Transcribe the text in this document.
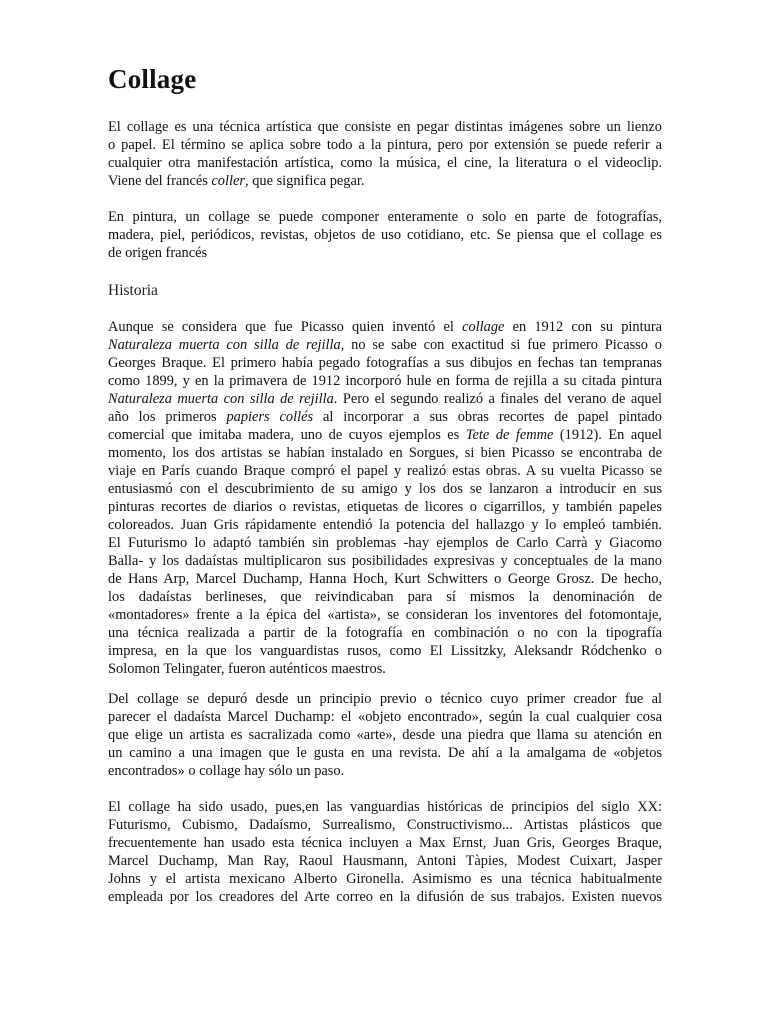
Collage
El collage es una técnica artística que consiste en pegar distintas imágenes sobre un lienzo
o papel. El término se aplica sobre todo a la pintura, pero por extensión se puede referir a
cualquier otra manifestación artística, como la música, el cine, la literatura o el videoclip.
Viene del francés coller, que significa pegar.
En pintura, un collage se puede componer enteramente o solo en parte de fotografías,
madera, piel, periódicos, revistas, objetos de uso cotidiano, etc. Se piensa que el collage es
de origen francés
Historia
Aunque se considera que fue Picasso quien inventó el collage en 1912 con su pintura
Naturaleza muerta con silla de rejilla, no se sabe con exactitud si fue primero Picasso o
Georges Braque. El primero había pegado fotografías a sus dibujos en fechas tan tempranas
como 1899, y en la primavera de 1912 incorporó hule en forma de rejilla a su citada pintura
Naturaleza muerta con silla de rejilla. Pero el segundo realizó a finales del verano de aquel
año los primeros papiers collés al incorporar a sus obras recortes de papel pintado
comercial que imitaba madera, uno de cuyos ejemplos es Tete de femme (1912). En aquel
momento, los dos artistas se habían instalado en Sorgues, si bien Picasso se encontraba de
viaje en París cuando Braque compró el papel y realizó estas obras. A su vuelta Picasso se
entusiasmó con el descubrimiento de su amigo y los dos se lanzaron a introducir en sus
pinturas recortes de diarios o revistas, etiquetas de licores o cigarrillos, y también papeles
coloreados. Juan Gris rápidamente entendió la potencia del hallazgo y lo empleó también.
El Futurismo lo adaptó también sin problemas -hay ejemplos de Carlo Carrà y Giacomo
Balla- y los dadaístas multiplicaron sus posibilidades expresivas y conceptuales de la mano
de Hans Arp, Marcel Duchamp, Hanna Hoch, Kurt Schwitters o George Grosz. De hecho,
los dadaístas berlineses, que reivindicaban para sí mismos la denominación de
«montadores» frente a la épica del «artista», se consideran los inventores del fotomontaje,
una técnica realizada a partir de la fotografía en combinación o no con la tipografía
impresa, en la que los vanguardistas rusos, como El Lissitzky, Aleksandr Ródchenko o
Solomon Telingater, fueron auténticos maestros.
Del collage se depuró desde un principio previo o técnico cuyo primer creador fue al
parecer el dadaísta Marcel Duchamp: el «objeto encontrado», según la cual cualquier cosa
que elige un artista es sacralizada como «arte», desde una piedra que llama su atención en
un camino a una imagen que le gusta en una revista. De ahí a la amalgama de «objetos
encontrados» o collage hay sólo un paso.
El collage ha sido usado, pues,en las vanguardias históricas de principios del siglo XX:
Futurismo, Cubismo, Dadaísmo, Surrealismo, Constructivismo... Artistas plásticos que
frecuentemente han usado esta técnica incluyen a Max Ernst, Juan Gris, Georges Braque,
Marcel Duchamp, Man Ray, Raoul Hausmann, Antoni Tàpies, Modest Cuixart, Jasper
Johns y el artista mexicano Alberto Gironella. Asimismo es una técnica habitualmente
empleada por los creadores del Arte correo en la difusión de sus trabajos. Existen nuevos
